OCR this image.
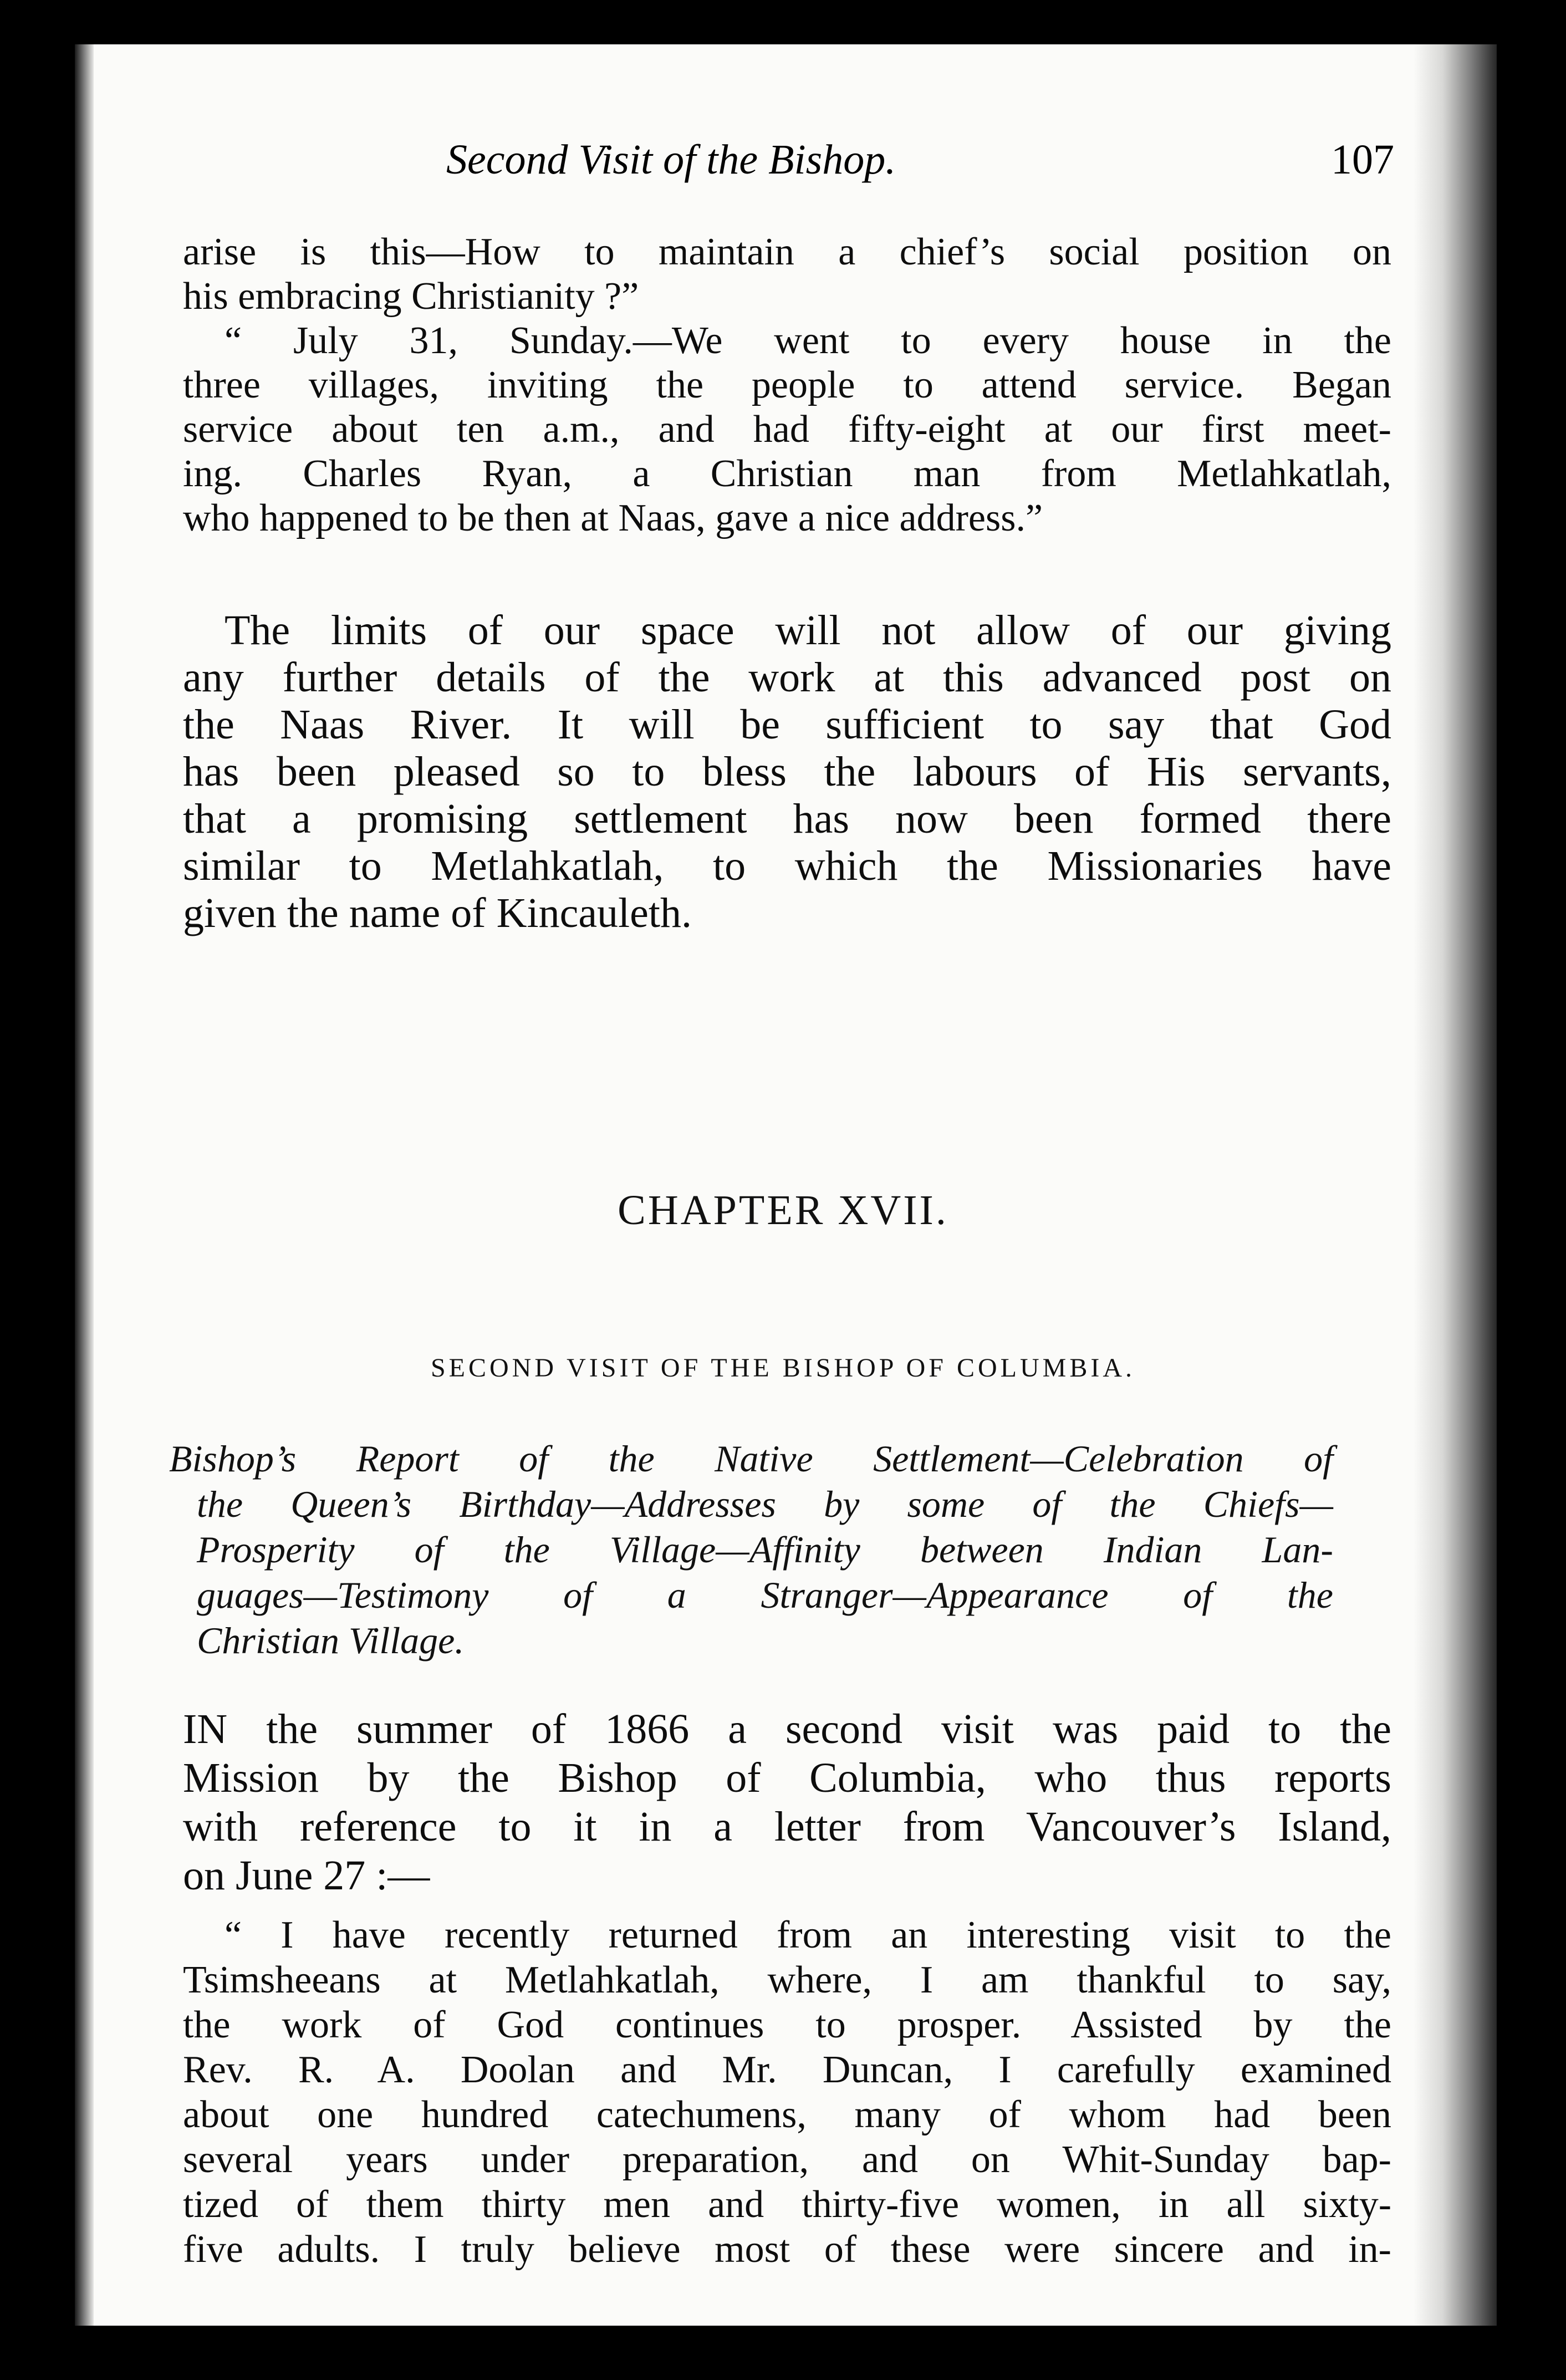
Second Visit of the Bishop.	107

arise is this—How to maintain a chief’s social position on

his embracing Christianity ?”

“ July 31, Sunday.—We went to every house in the

three villages, inviting the people to attend service. Began

service about ten a.m., and had fifty-eight at our first meet-

ing. Charles Ryan, a Christian man from Metlahkatlah,

who happened to be then at Naas, gave a nice address.”

The limits of our space will not allow of our giving

any further details of the work at this advanced post on

the Naas River. It will be sufficient to say that God

has been pleased so to bless the labours of His servants,

that a promising settlement has now been formed there

similar to Metlahkatlah, to which the Missionaries have

given the name of Kincauleth.

CHAPTER XVII.
SECOND VISIT OF THE BISHOP OF COLUMBIA.

Bishop’s Report of the Native Settlement—Celebration of

the Queen’s Birthday—Addresses by some of the Chiefs—

Prosperity of the Village—Affinity between Indian Lan-

guages—Testimony of a Stranger—Appearance of the

Christian Village.

IN the summer of 1866 a second visit was paid to the

Mission by the Bishop of Columbia, who thus reports

with reference to it in a letter from Vancouver’s Island,

on June 27 :—

“ I have recently returned from an interesting visit to the

Tsimsheeans at Metlahkatlah, where, I am thankful to say,

the work of God continues to prosper. Assisted by the

Rev. R. A. Doolan and Mr. Duncan, I carefully examined

about one hundred catechumens, many of whom had been

several years under preparation, and on Whit-Sunday bap-

tized of them thirty men and thirty-five women, in all sixty-

five adults. I truly believe most of these were sincere and in-
